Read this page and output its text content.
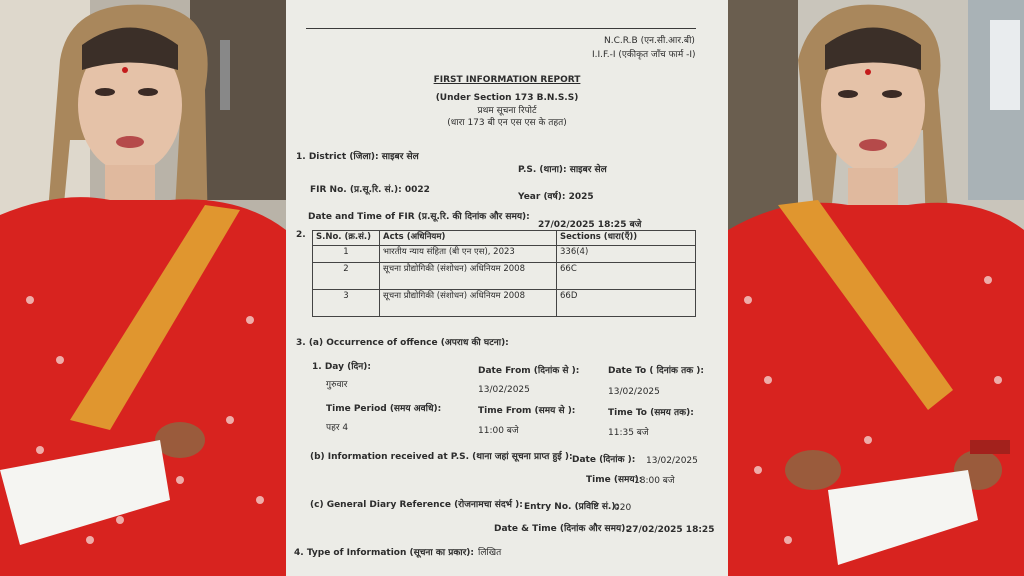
N.C.R.B (एन.सी.आर.बी)
I.I.F.-I (एकीकृत जाँच फार्म -I)
FIRST INFORMATION REPORT
(Under Section 173 B.N.S.S)
प्रथम सूचना रिपोर्ट
(धारा 173 बी एन एस एस के तहत)
1. District (जिला): साइबर सेल
P.S. (थाना): साइबर सेल
FIR No. (प्र.सू.रि. सं.): 0022
Year (वर्ष): 2025
Date and Time of FIR (प्र.सू.रि. की दिनांक और समय):
27/02/2025 18:25 बजे
2. S.No. (क्र.सं.)	Acts (अधिनियम)	Sections (धारा(एँ))
1	भारतीय न्याय संहिता (बी एन एस), 2023	336(4)
2	सूचना प्रौद्योगिकी (संशोधन) अधिनियम 2008	66C
3	सूचना प्रौद्योगिकी (संशोधन) अधिनियम 2008	66D
3. (a) Occurrence of offence (अपराध की घटना):
1. Day (दिन):
गुरुवार
Date From (दिनांक से ):
13/02/2025
Date To ( दिनांक तक ):
13/02/2025
Time Period (समय अवधि):
पहर 4
Time From (समय से ):
11:00 बजे
Time To (समय तक):
11:35 बजे
(b) Information received at P.S. (थाना जहां सूचना प्राप्त हुई ): Date (दिनांक ): 13/02/2025
Time (समय):
18:00 बजे
(c) General Diary Reference (रोजनामचा संदर्भ ): Entry No. (प्रविष्टि सं.):
020
Date & Time (दिनांक और समय):
27/02/2025 18:25
4. Type of Information (सूचना का प्रकार): लिखित
